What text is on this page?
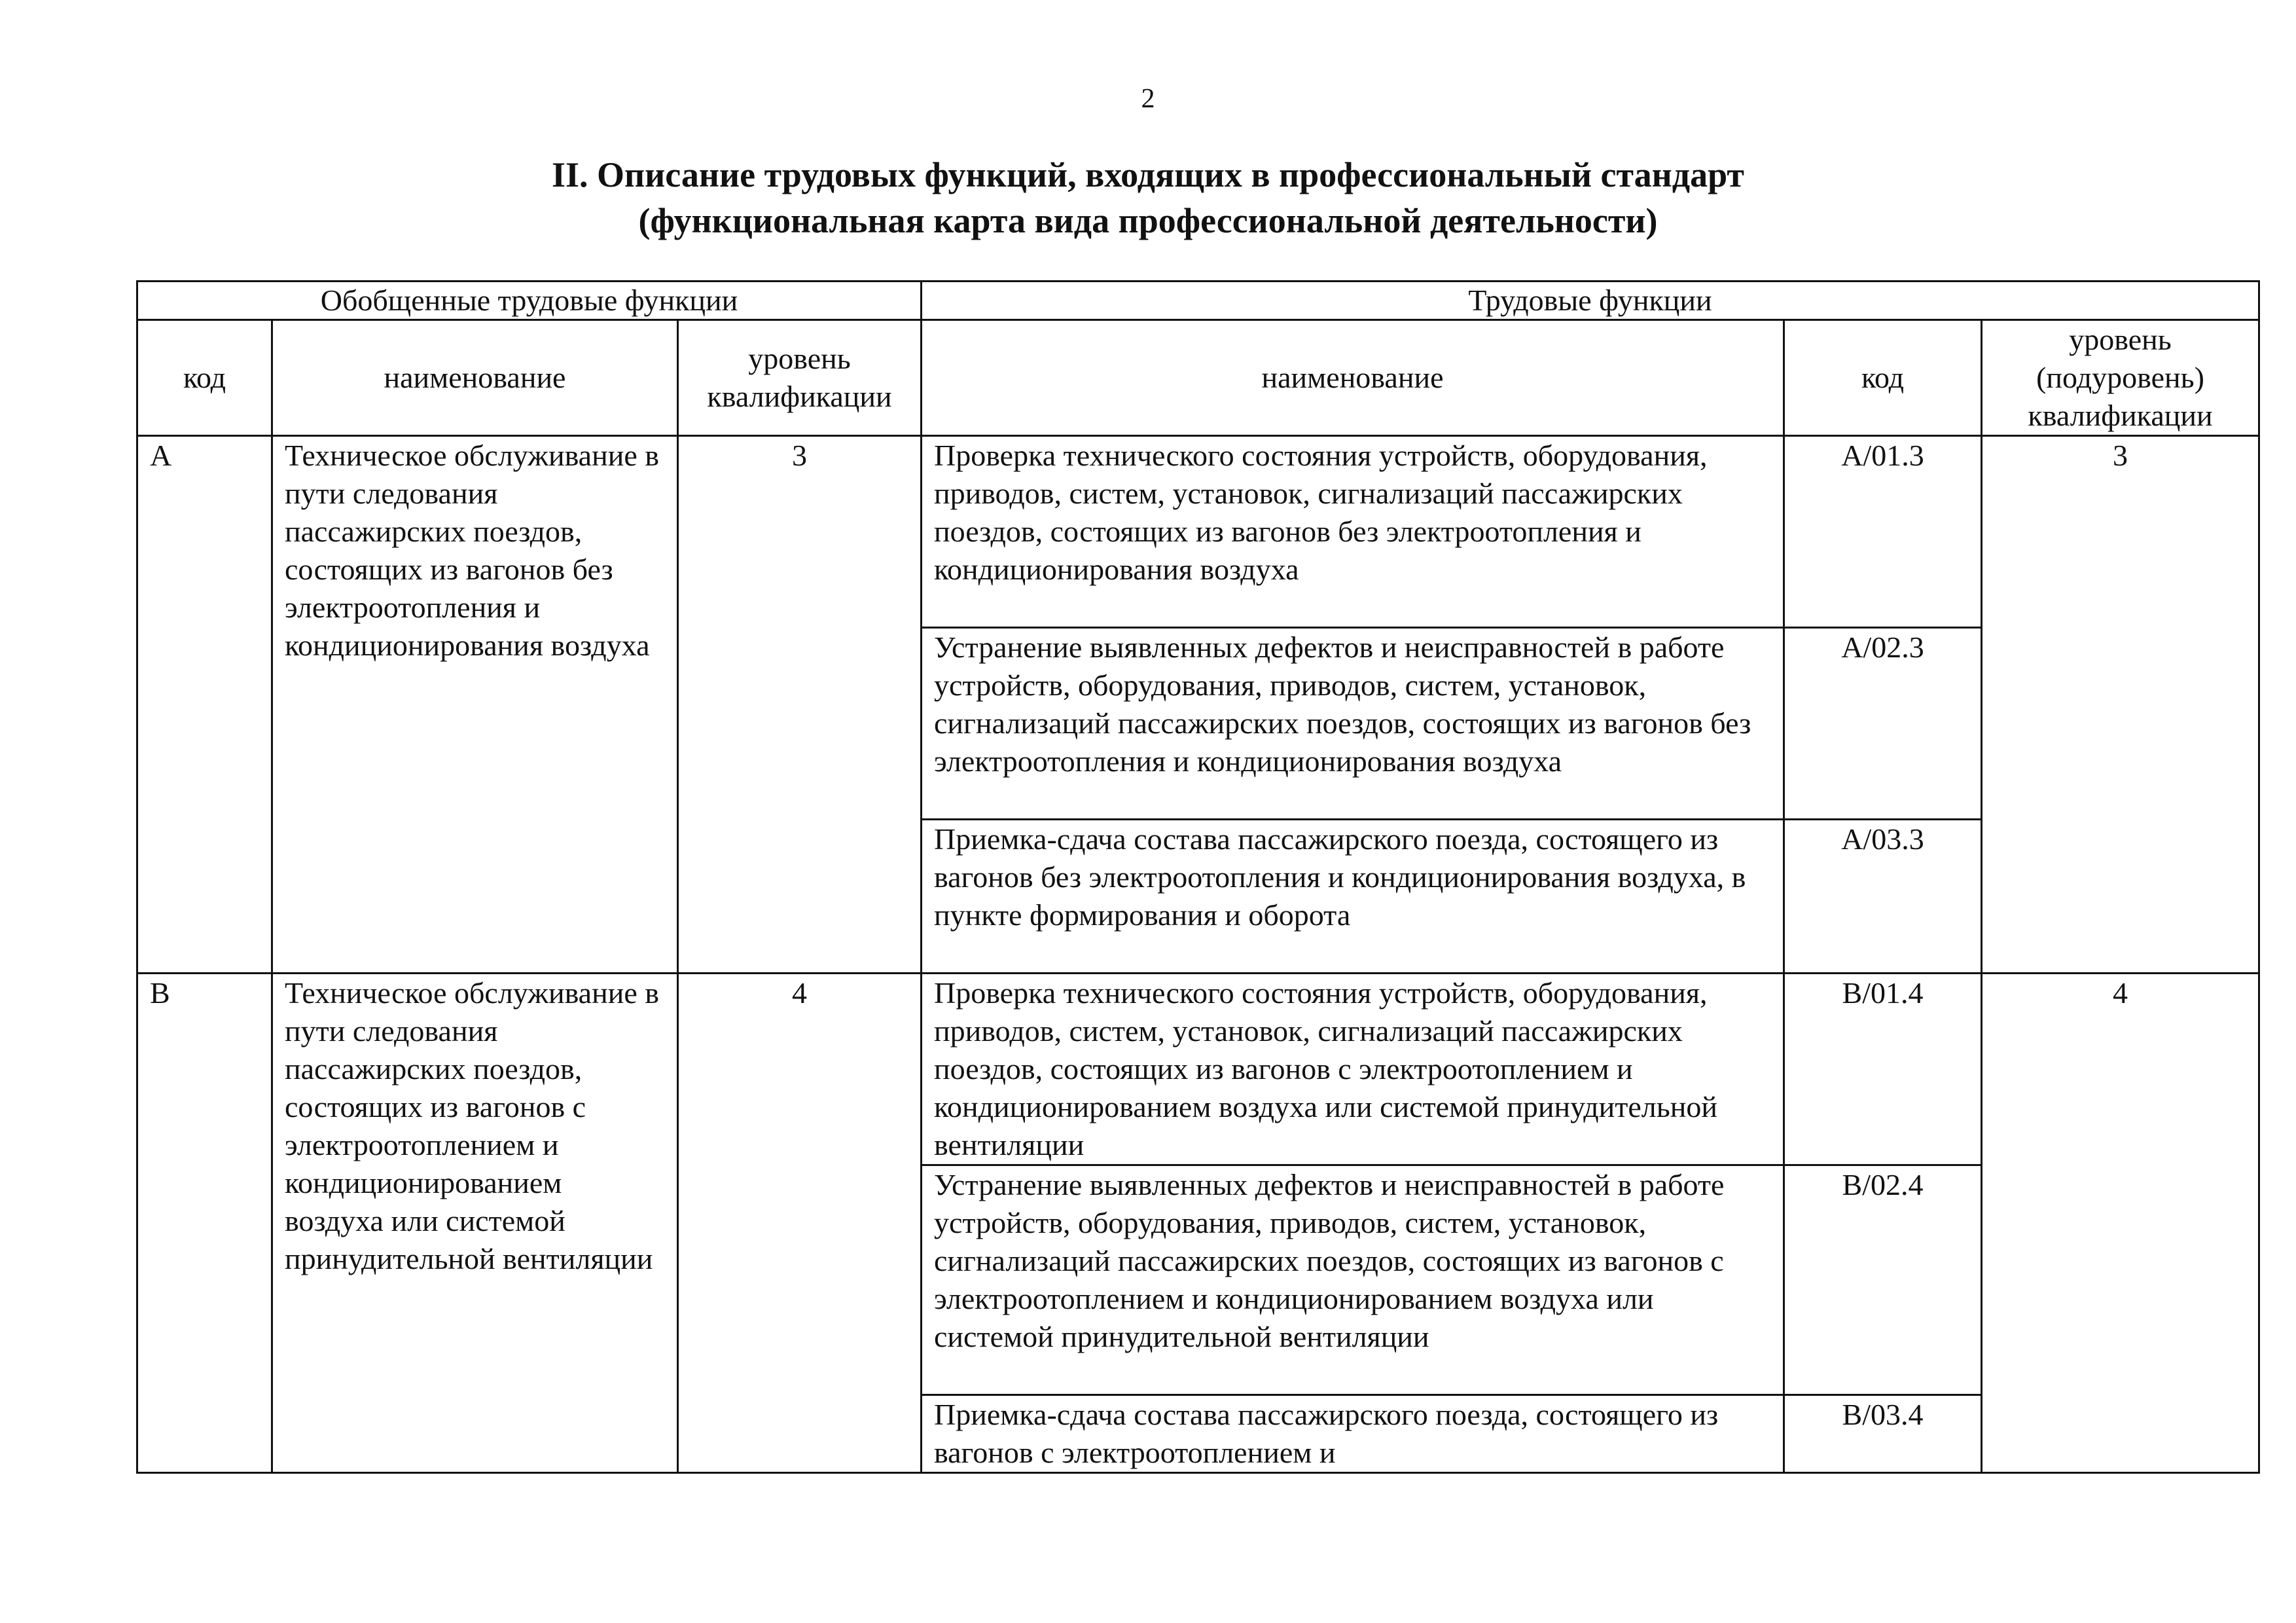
2
II. Описание трудовых функций, входящих в профессиональный стандарт
(функциональная карта вида профессиональной деятельности)
Обобщенные трудовые функции			Трудовые функции		
код	наименование	уровень квалификации	наименование	код	уровень (подуровень) квалификации
А	Техническое обслуживание в пути следования пассажирских поездов, состоящих из вагонов без электроотопления и кондиционирования воздуха	3	Проверка технического состояния устройств, оборудования, приводов, систем, установок, сигнализаций пассажирских поездов, состоящих из вагонов без электроотопления и кондиционирования воздуха	А/01.3	3
			Устранение выявленных дефектов и неисправностей в работе устройств, оборудования, приводов, систем, установок, сигнализаций пассажирских поездов, состоящих из вагонов без электроотопления и кондиционирования воздуха	А/02.3	
			Приемка-сдача состава пассажирского поезда, состоящего из вагонов без электроотопления и кондиционирования воздуха, в пункте формирования и оборота	А/03.3	
В	Техническое обслуживание в пути следования пассажирских поездов, состоящих из вагонов с электроотоплением и кондиционированием воздуха или системой принудительной вентиляции	4	Проверка технического состояния устройств, оборудования, приводов, систем, установок, сигнализаций пассажирских поездов, состоящих из вагонов с электроотоплением и кондиционированием воздуха или системой принудительной вентиляции	В/01.4	4
			Устранение выявленных дефектов и неисправностей в работе устройств, оборудования, приводов, систем, установок, сигнализаций пассажирских поездов, состоящих из вагонов с электроотоплением и кондиционированием воздуха или системой принудительной вентиляции	В/02.4	
			Приемка-сдача состава пассажирского поезда, состоящего из вагонов с электроотоплением и	В/03.4	
